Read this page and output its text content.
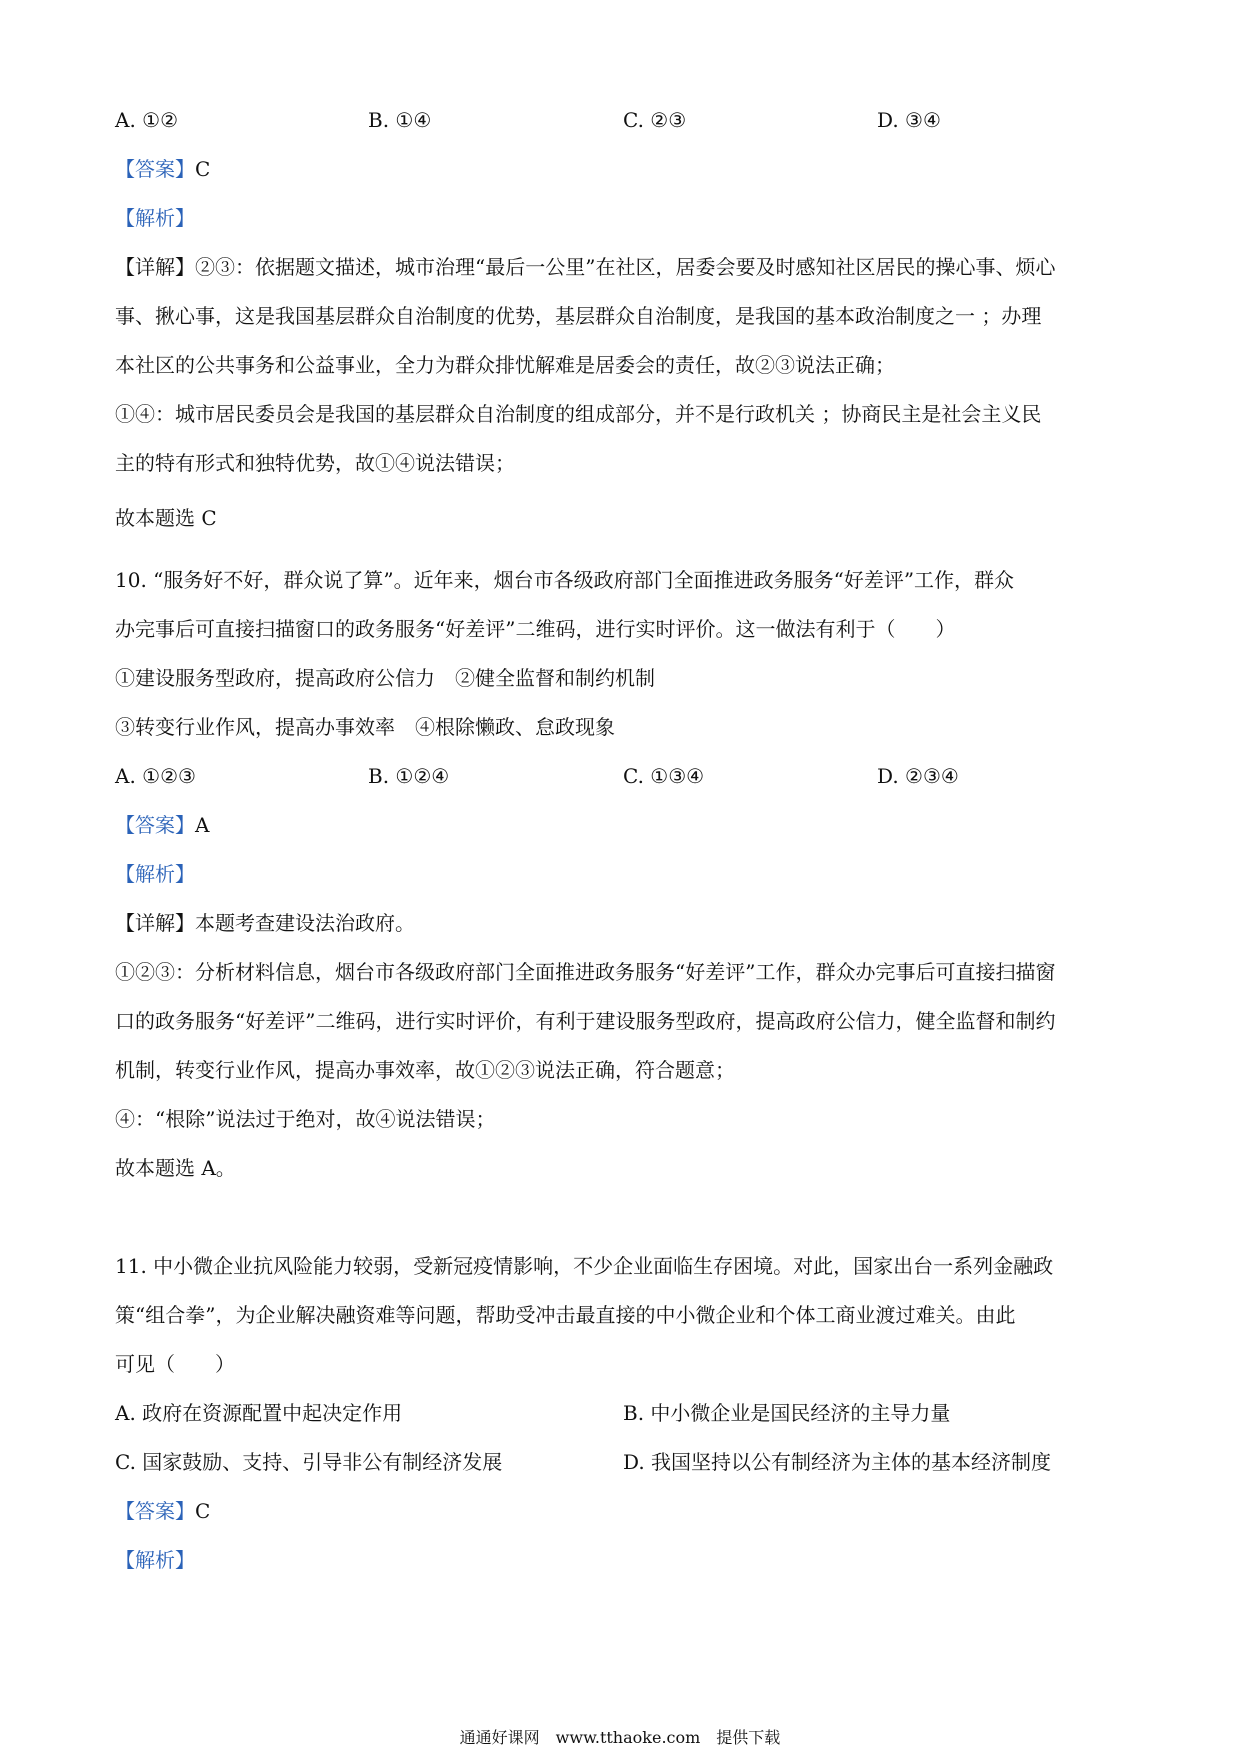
A. ①②	B. ①④	C. ②③	D. ③④
【答案】C
【解析】
【详解】②③：依据题文描述，城市治理“最后一公里”在社区，居委会要及时感知社区居民的操心事、烦心
事、揪心事，这是我国基层群众自治制度的优势，基层群众自治制度，是我国的基本政治制度之一 ；办理
本社区的公共事务和公益事业，全力为群众排忧解难是居委会的责任，故②③说法正确；
①④：城市居民委员会是我国的基层群众自治制度的组成部分，并不是行政机关 ；协商民主是社会主义民
主的特有形式和独特优势，故①④说法错误；
故本题选 C
10. “服务好不好，群众说了算”。近年来，烟台市各级政府部门全面推进政务服务“好差评”工作，群众
办完事后可直接扫描窗口的政务服务“好差评”二维码，进行实时评价。这一做法有利于（　　）
①建设服务型政府，提高政府公信力　②健全监督和制约机制
③转变行业作风，提高办事效率　④根除懒政、怠政现象
A. ①②③	B. ①②④	C. ①③④	D. ②③④
【答案】A
【解析】
【详解】本题考查建设法治政府。
①②③：分析材料信息，烟台市各级政府部门全面推进政务服务“好差评”工作，群众办完事后可直接扫描窗
口的政务服务“好差评”二维码，进行实时评价，有利于建设服务型政府，提高政府公信力，健全监督和制约
机制，转变行业作风，提高办事效率，故①②③说法正确，符合题意；
④：“根除”说法过于绝对，故④说法错误；
故本题选 A。
11. 中小微企业抗风险能力较弱，受新冠疫情影响，不少企业面临生存困境。对此，国家出台一系列金融政
策“组合拳”，为企业解决融资难等问题，帮助受冲击最直接的中小微企业和个体工商业渡过难关。由此
可见（　　）
A. 政府在资源配置中起决定作用	B. 中小微企业是国民经济的主导力量
C. 国家鼓励、支持、引导非公有制经济发展	D. 我国坚持以公有制经济为主体的基本经济制度
【答案】C
【解析】
通通好课网　www.tthaoke.com　提供下载
